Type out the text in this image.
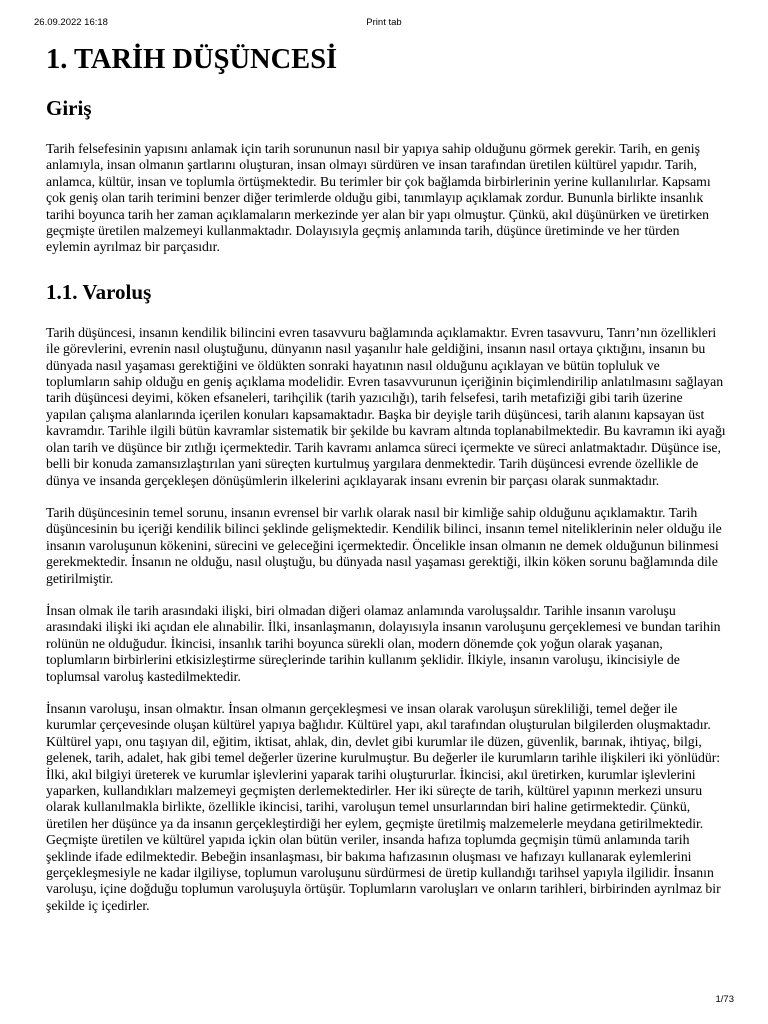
26.09.2022 16:18	Print tab
1. TARİH DÜŞÜNCESİ
Giriş

Tarih felsefesinin yapısını anlamak için tarih sorununun nasıl bir yapıya sahip olduğunu görmek gerekir. Tarih, en geniş anlamıyla, insan olmanın şartlarını oluşturan, insan olmayı sürdüren ve insan tarafından üretilen kültürel yapıdır. Tarih, anlamca, kültür, insan ve toplumla örtüşmektedir. Bu terimler bir çok bağlamda birbirlerinin yerine kullanılırlar. Kapsamı çok geniş olan tarih terimini benzer diğer terimlerde olduğu gibi, tanımlayıp açıklamak zordur. Bununla birlikte insanlık tarihi boyunca tarih her zaman açıklamaların merkezinde yer alan bir yapı olmuştur. Çünkü, akıl düşünürken ve üretirken geçmişte üretilen malzemeyi kullanmaktadır. Dolayısıyla geçmiş anlamında tarih, düşünce üretiminde ve her türden eylemin ayrılmaz bir parçasıdır.

1.1. Varoluş

Tarih düşüncesi, insanın kendilik bilincini evren tasavvuru bağlamında açıklamaktır. Evren tasavvuru, Tanrı’nın özellikleri ile görevlerini, evrenin nasıl oluştuğunu, dünyanın nasıl yaşanılır hale geldiğini, insanın nasıl ortaya çıktığını, insanın bu dünyada nasıl yaşaması gerektiğini ve öldükten sonraki hayatının nasıl olduğunu açıklayan ve bütün topluluk ve toplumların sahip olduğu en geniş açıklama modelidir. Evren tasavvurunun içeriğinin biçimlendirilip anlatılmasını sağlayan tarih düşüncesi deyimi, köken efsaneleri, tarihçilik (tarih yazıcılığı), tarih felsefesi, tarih metafiziği gibi tarih üzerine yapılan çalışma alanlarında içerilen konuları kapsamaktadır. Başka bir deyişle tarih düşüncesi, tarih alanını kapsayan üst kavramdır. Tarihle ilgili bütün kavramlar sistematik bir şekilde bu kavram altında toplanabilmektedir. Bu kavramın iki ayağı olan tarih ve düşünce bir zıtlığı içermektedir. Tarih kavramı anlamca süreci içermekte ve süreci anlatmaktadır. Düşünce ise, belli bir konuda zamansızlaştırılan yani süreçten kurtulmuş yargılara denmektedir. Tarih düşüncesi evrende özellikle de dünya ve insanda gerçekleşen dönüşümlerin ilkelerini açıklayarak insanı evrenin bir parçası olarak sunmaktadır.

Tarih düşüncesinin temel sorunu, insanın evrensel bir varlık olarak nasıl bir kimliğe sahip olduğunu açıklamaktır. Tarih düşüncesinin bu içeriği kendilik bilinci şeklinde gelişmektedir. Kendilik bilinci, insanın temel niteliklerinin neler olduğu ile insanın varoluşunun kökenini, sürecini ve geleceğini içermektedir. Öncelikle insan olmanın ne demek olduğunun bilinmesi gerekmektedir. İnsanın ne olduğu, nasıl oluştuğu, bu dünyada nasıl yaşaması gerektiği, ilkin köken sorunu bağlamında dile getirilmiştir.

İnsan olmak ile tarih arasındaki ilişki, biri olmadan diğeri olamaz anlamında varoluşsaldır. Tarihle insanın varoluşu arasındaki ilişki iki açıdan ele alınabilir. İlki, insanlaşmanın, dolayısıyla insanın varoluşunu gerçeklemesi ve bundan tarihin rolünün ne olduğudur. İkincisi, insanlık tarihi boyunca sürekli olan, modern dönemde çok yoğun olarak yaşanan, toplumların birbirlerini etkisizleştirme süreçlerinde tarihin kullanım şeklidir. İlkiyle, insanın varoluşu, ikincisiyle de toplumsal varoluş kastedilmektedir.

İnsanın varoluşu, insan olmaktır. İnsan olmanın gerçekleşmesi ve insan olarak varoluşun sürekliliği, temel değer ile kurumlar çerçevesinde oluşan kültürel yapıya bağlıdır. Kültürel yapı, akıl tarafından oluşturulan bilgilerden oluşmaktadır. Kültürel yapı, onu taşıyan dil, eğitim, iktisat, ahlak, din, devlet gibi kurumlar ile düzen, güvenlik, barınak, ihtiyaç, bilgi, gelenek, tarih, adalet, hak gibi temel değerler üzerine kurulmuştur. Bu değerler ile kurumların tarihle ilişkileri iki yönlüdür: İlki, akıl bilgiyi üreterek ve kurumlar işlevlerini yaparak tarihi oluştururlar. İkincisi, akıl üretirken, kurumlar işlevlerini yaparken, kullandıkları malzemeyi geçmişten derlemektedirler. Her iki süreçte de tarih, kültürel yapının merkezi unsuru olarak kullanılmakla birlikte, özellikle ikincisi, tarihi, varoluşun temel unsurlarından biri haline getirmektedir. Çünkü, üretilen her düşünce ya da insanın gerçekleştirdiği her eylem, geçmişte üretilmiş malzemelerle meydana getirilmektedir. Geçmişte üretilen ve kültürel yapıda içkin olan bütün veriler, insanda hafıza toplumda geçmişin tümü anlamında tarih şeklinde ifade edilmektedir. Bebeğin insanlaşması, bir bakıma hafızasının oluşması ve hafızayı kullanarak eylemlerini gerçekleşmesiyle ne kadar ilgiliyse, toplumun varoluşunu sürdürmesi de üretip kullandığı tarihsel yapıyla ilgilidir. İnsanın varoluşu, içine doğduğu toplumun varoluşuyla örtüşür. Toplumların varoluşları ve onların tarihleri, birbirinden ayrılmaz bir şekilde iç içedirler.

1/73
